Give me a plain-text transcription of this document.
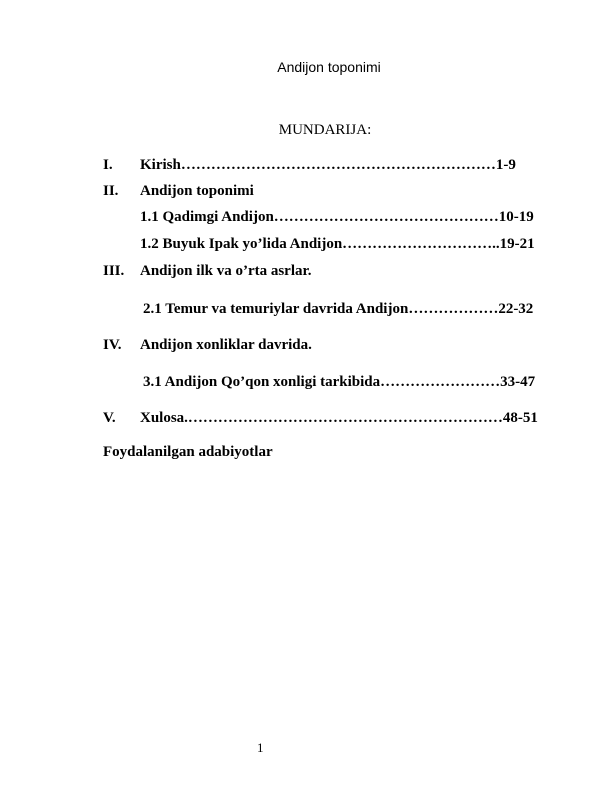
Andijon toponimi
MUNDARIJA:
I. Kirish………………………………………………………1-9
II. Andijon toponimi
1.1 Qadimgi Andijon………………………………………10-19
1.2 Buyuk Ipak yo’lida Andijon…………………………..19-21
III. Andijon ilk va o’rta asrlar.
2.1 Temur va temuriylar davrida Andijon………………22-32
IV. Andijon xonliklar davrida.
3.1 Andijon Qo’qon xonligi tarkibida……………………33-47
V. Xulosa.………………………………………………………48-51
Foydalanilgan adabiyotlar
1
